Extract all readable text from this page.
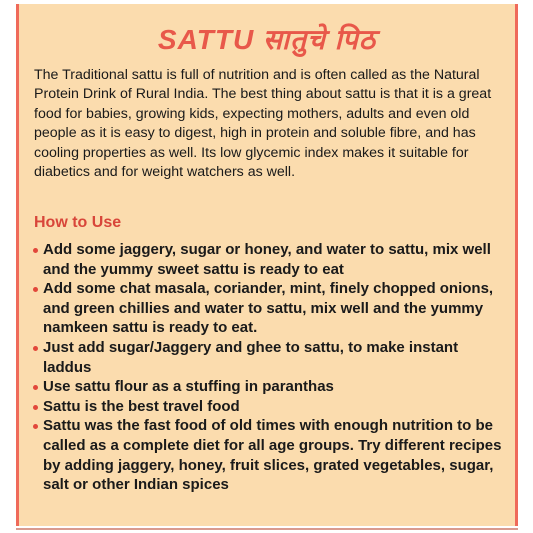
SATTU सातुचे पिठ

The Traditional sattu is full of nutrition and is often called as the Natural Protein Drink of Rural India. The best thing about sattu is that it is a great food for babies, growing kids, expecting mothers, adults and even old people as it is easy to digest, high in protein and soluble fibre, and has cooling properties as well. Its low glycemic index makes it suitable for diabetics and for weight watchers as well.

How to Use
Add some jaggery, sugar or honey, and water to sattu, mix well and the yummy sweet sattu is ready to eat
Add some chat masala, coriander, mint, finely chopped onions, and green chillies and water to sattu, mix well and the yummy namkeen sattu is ready to eat.
Just add sugar/Jaggery and ghee to sattu, to make instant laddus
Use sattu flour as a stuffing in paranthas
Sattu is the best travel food
Sattu was the fast food of old times with enough nutrition to be called as a complete diet for all age groups. Try different recipes by adding jaggery, honey, fruit slices, grated vegetables, sugar, salt or other Indian spices
